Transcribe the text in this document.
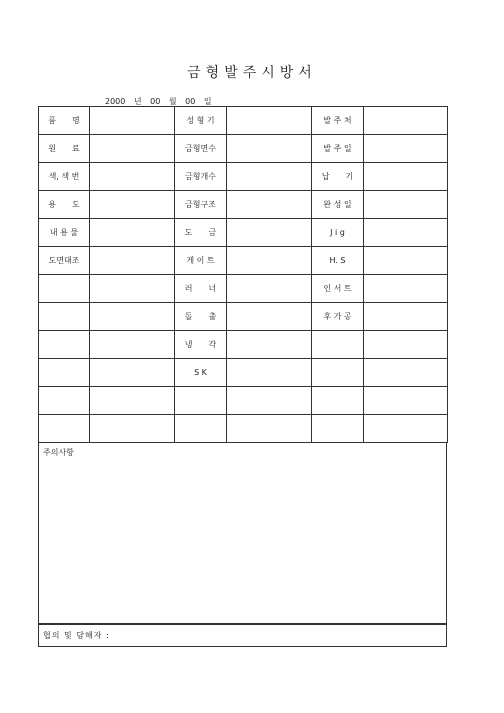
금형발주시방서
2000 년 00 월 00 일
품　　명		성 형 기		발 주 처	
원　　료		금형면수		발 주 일	
색, 색 번		금형개수		납　　기	
용　　도		금형구조		완 성 일	
내 용 물		도　　금		J i g	
도면대조		게 이 트		H. S	
		러　　너		인 서 트	
		돌　　출		후 가 공	
		냉　　각			
		S K			

주의사항
협의 및 담해자 :
